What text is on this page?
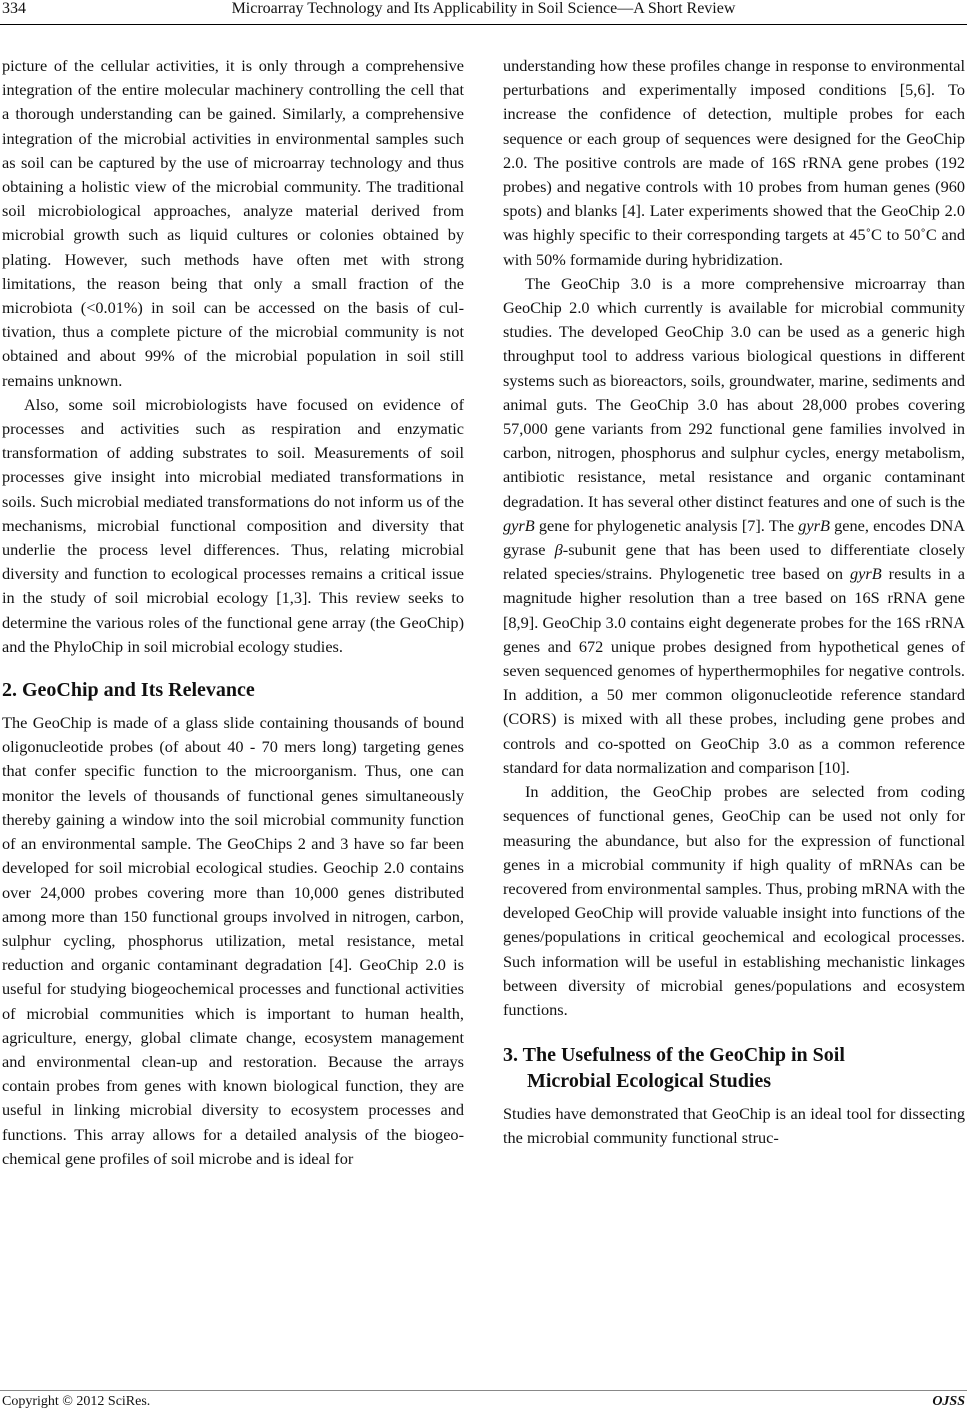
334	Microarray Technology and Its Applicability in Soil Science—A Short Review

picture of the cellular activities, it is only through a comprehensive integration of the entire molecular machinery controlling the cell that a thorough understanding can be gained. Similarly, a comprehensive integration of the microbial activities in environmental samples such as soil can be captured by the use of microarray technology and thus obtaining a holistic view of the microbial community. The traditional soil microbiological approaches, analyze material derived from microbial growth such as liquid cultures or colonies obtained by plating. However, such methods have often met with strong limitations, the reason being that only a small fraction of the microbiota (<0.01%) in soil can be accessed on the basis of cultivation, thus a complete picture of the microbial community is not obtained and about 99% of the microbial population in soil still remains unknown.

Also, some soil microbiologists have focused on evidence of processes and activities such as respiration and enzymatic transformation of adding substrates to soil. Measurements of soil processes give insight into microbial mediated transformations in soils. Such microbial mediated transformations do not inform us of the mechanisms, microbial functional composition and diversity that underlie the process level differences. Thus, relating microbial diversity and function to ecological processes remains a critical issue in the study of soil microbial ecology [1,3]. This review seeks to determine the various roles of the functional gene array (the GeoChip) and the PhyloChip in soil microbial ecology studies.

2. GeoChip and Its Relevance

The GeoChip is made of a glass slide containing thousands of bound oligonucleotide probes (of about 40 - 70 mers long) targeting genes that confer specific function to the microorganism. Thus, one can monitor the levels of thousands of functional genes simultaneously thereby gaining a window into the soil microbial community function of an environmental sample. The GeoChips 2 and 3 have so far been developed for soil microbial ecological studies. Geochip 2.0 contains over 24,000 probes covering more than 10,000 genes distributed among more than 150 functional groups involved in nitrogen, carbon, sulphur cycling, phosphorus utilization, metal resistance, metal reduction and organic contaminant degradation [4]. GeoChip 2.0 is useful for studying biogeochemical processes and functional activities of microbial communities which is important to human health, agriculture, energy, global climate change, ecosystem management and environmental clean-up and restoration. Because the arrays contain probes from genes with known biological function, they are useful in linking microbial diversity to ecosystem processes and functions. This array allows for a detailed analysis of the biogeochemical gene profiles of soil microbe and is ideal for

understanding how these profiles change in response to environmental perturbations and experimentally imposed conditions [5,6]. To increase the confidence of detection, multiple probes for each sequence or each group of sequences were designed for the GeoChip 2.0. The positive controls are made of 16S rRNA gene probes (192 probes) and negative controls with 10 probes from human genes (960 spots) and blanks [4]. Later experiments showed that the GeoChip 2.0 was highly specific to their corresponding targets at 45˚C to 50˚C and with 50% formamide during hybridization.

The GeoChip 3.0 is a more comprehensive microarray than GeoChip 2.0 which currently is available for microbial community studies. The developed GeoChip 3.0 can be used as a generic high throughput tool to address various biological questions in different systems such as bioreactors, soils, groundwater, marine, sediments and animal guts. The GeoChip 3.0 has about 28,000 probes covering 57,000 gene variants from 292 functional gene families involved in carbon, nitrogen, phosphorus and sulphur cycles, energy metabolism, antibiotic resistance, metal resistance and organic contaminant degradation. It has several other distinct features and one of such is the gyrB gene for phylogenetic analysis [7]. The gyrB gene, encodes DNA gyrase β-subunit gene that has been used to differentiate closely related species/strains. Phylogenetic tree based on gyrB results in a magnitude higher resolution than a tree based on 16S rRNA gene [8,9]. GeoChip 3.0 contains eight degenerate probes for the 16S rRNA genes and 672 unique probes designed from hypothetical genes of seven sequenced genomes of hyperthermophiles for negative controls. In addition, a 50 mer common oligonucleotide reference standard (CORS) is mixed with all these probes, including gene probes and controls and co-spotted on GeoChip 3.0 as a common reference standard for data normalization and comparison [10].

In addition, the GeoChip probes are selected from coding sequences of functional genes, GeoChip can be used not only for measuring the abundance, but also for the expression of functional genes in a microbial community if high quality of mRNAs can be recovered from environmental samples. Thus, probing mRNA with the developed GeoChip will provide valuable insight into functions of the genes/populations in critical geochemical and ecological processes. Such information will be useful in establishing mechanistic linkages between diversity of microbial genes/populations and ecosystem functions.

3. The Usefulness of the GeoChip in Soil
Microbial Ecological Studies

Studies have demonstrated that GeoChip is an ideal tool for dissecting the microbial community functional struc-

Copyright © 2012 SciRes.	OJSS
